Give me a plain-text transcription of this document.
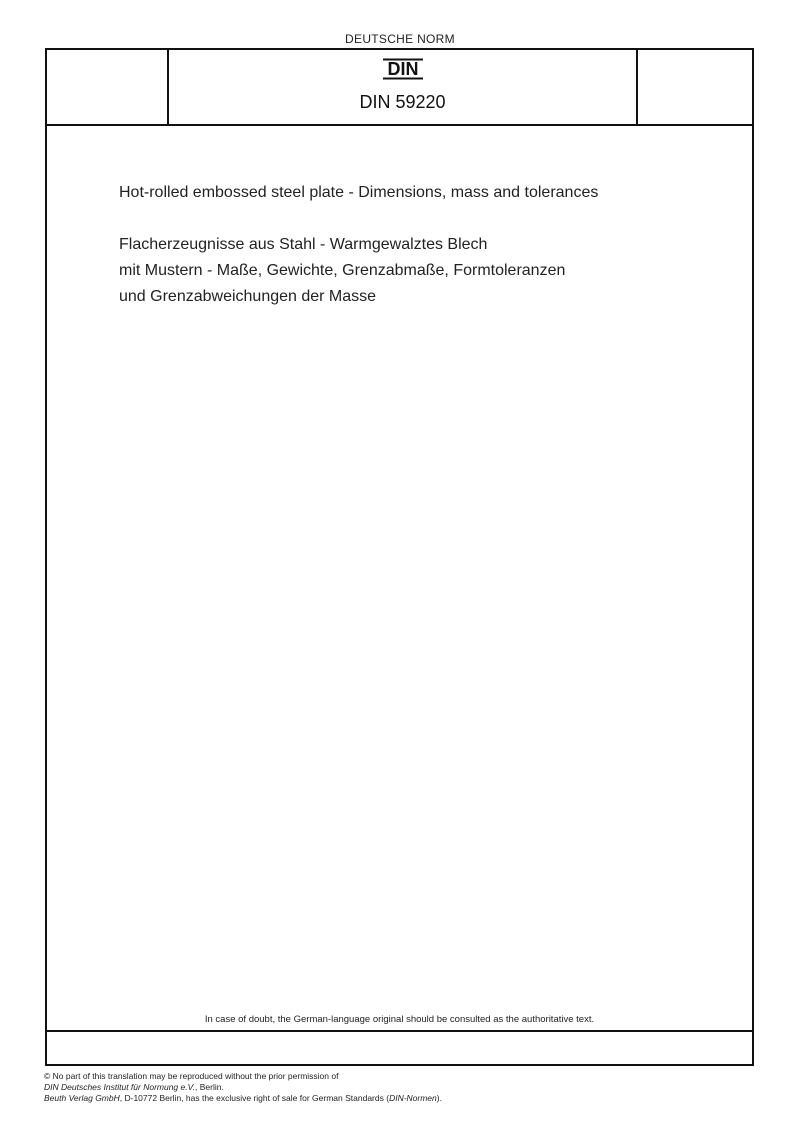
DEUTSCHE NORM
DIN
DIN 59220

Hot-rolled embossed steel plate - Dimensions, mass and tolerances

Flacherzeugnisse aus Stahl - Warmgewalztes Blech
mit Mustern - Maße, Gewichte, Grenzabmaße, Formtoleranzen
und Grenzabweichungen der Masse
In case of doubt, the German-language original should be consulted as the authoritative text.
© No part of this translation may be reproduced without the prior permission of
DIN Deutsches Institut für Normung e.V., Berlin.
Beuth Verlag GmbH, D-10772 Berlin, has the exclusive right of sale for German Standards (DIN-Normen).
